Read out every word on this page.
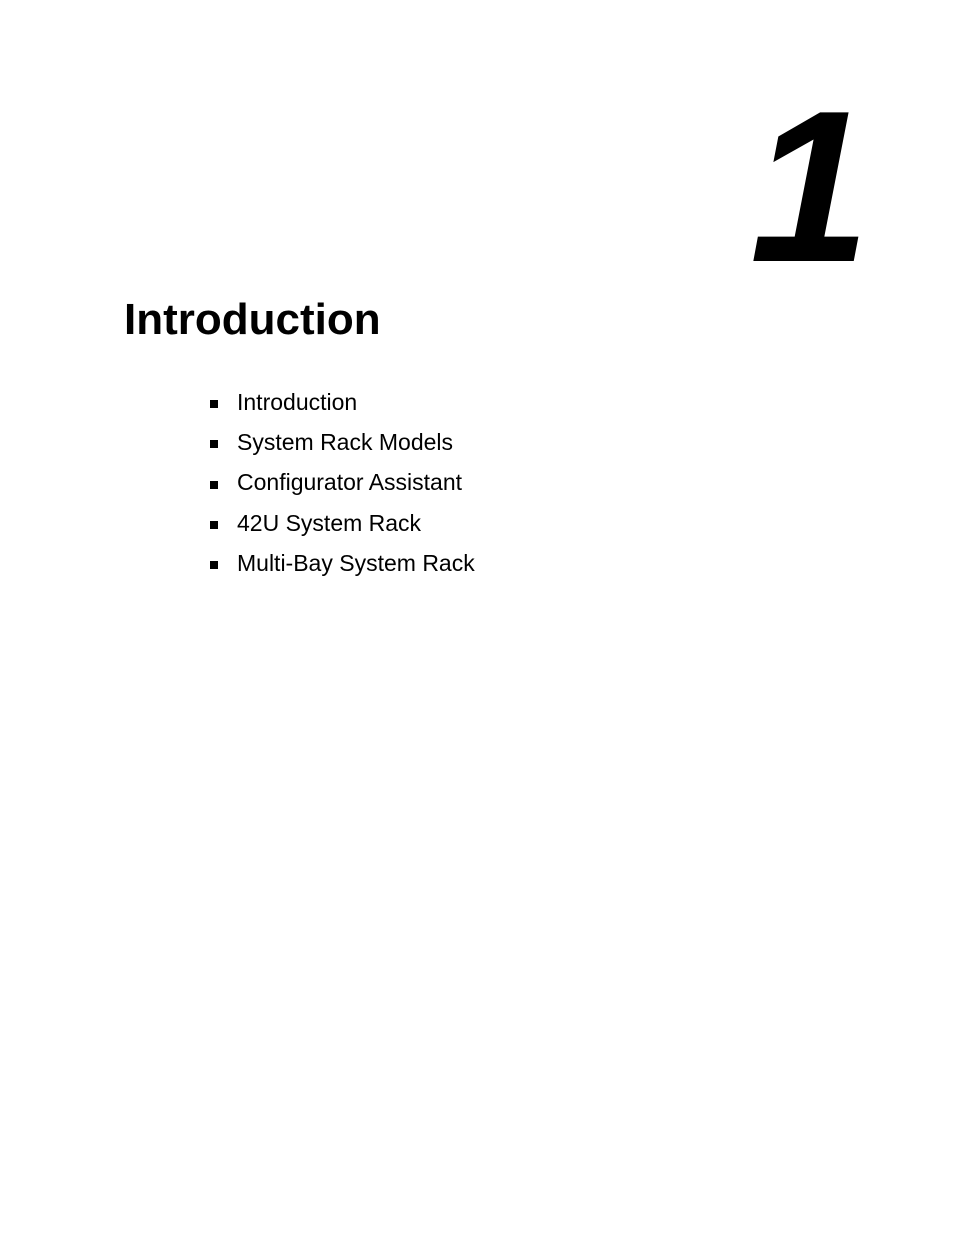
1
Introduction
Introduction
System Rack Models
Configurator Assistant
42U System Rack
Multi-Bay System Rack
